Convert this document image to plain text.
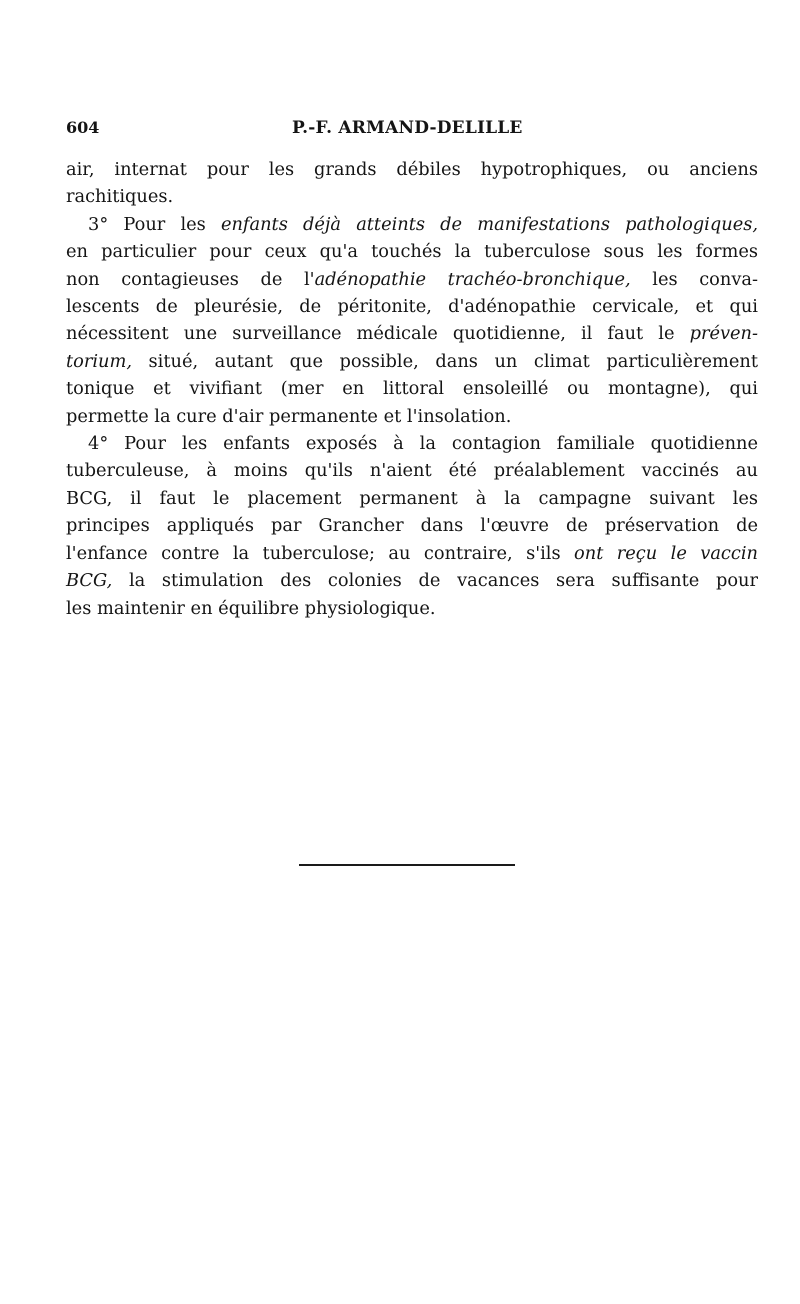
604	P.-F. ARMAND-DELILLE

air, internat pour les grands débiles hypotrophiques, ou anciens
rachitiques.

3° Pour les enfants déjà atteints de manifestations pathologiques,
en particulier pour ceux qu'a touchés la tuberculose sous les formes
non contagieuses de l'adénopathie trachéo-bronchique, les conva-
lescents de pleurésie, de péritonite, d'adénopathie cervicale, et qui
nécessitent une surveillance médicale quotidienne, il faut le préven-
torium, situé, autant que possible, dans un climat particulièrement
tonique et vivifiant (mer en littoral ensoleillé ou montagne), qui
permette la cure d'air permanente et l'insolation.

4° Pour les enfants exposés à la contagion familiale quotidienne
tuberculeuse, à moins qu'ils n'aient été préalablement vaccinés au
BCG, il faut le placement permanent à la campagne suivant les
principes appliqués par Grancher dans l'œuvre de préservation de
l'enfance contre la tuberculose; au contraire, s'ils ont reçu le vaccin
BCG, la stimulation des colonies de vacances sera suffisante pour
les maintenir en équilibre physiologique.
